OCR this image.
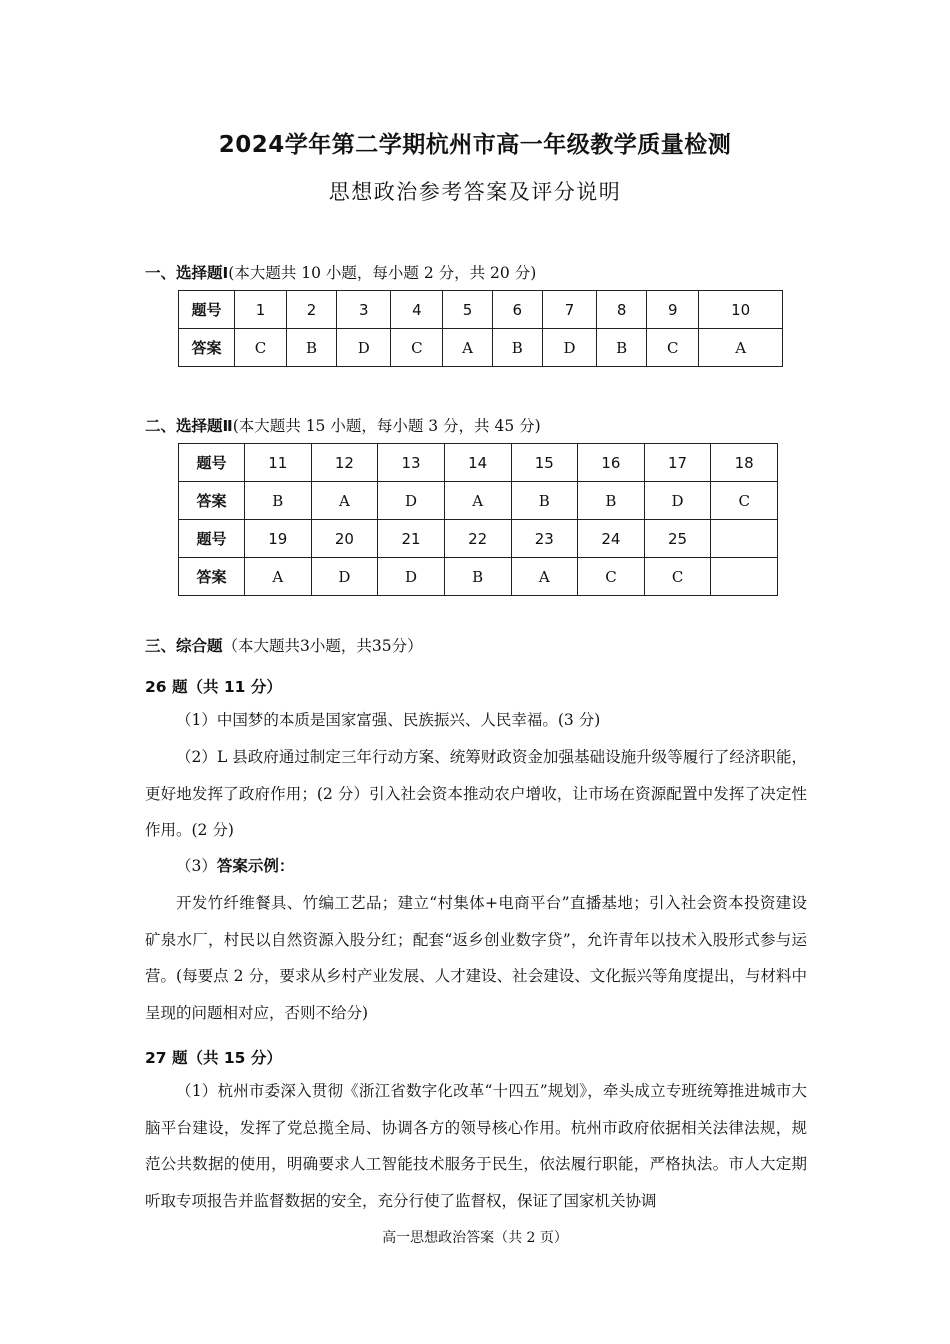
2024学年第二学期杭州市高一年级教学质量检测
思想政治参考答案及评分说明
一、选择题Ⅰ(本大题共 10 小题，每小题 2 分，共 20 分)
题号	1	2	3	4	5	6	7	8	9	10
答案	C	B	D	C	A	B	D	B	C	A
二、选择题Ⅱ(本大题共 15 小题，每小题 3 分，共 45 分)
题号	11	12	13	14	15	16	17	18
答案	B	A	D	A	B	B	D	C
题号	19	20	21	22	23	24	25	
答案	A	D	D	B	A	C	C	
三、综合题（本大题共3小题，共35分）
26 题（共 11 分）

（1）中国梦的本质是国家富强、民族振兴、人民幸福。(3 分)

（2）L 县政府通过制定三年行动方案、统筹财政资金加强基础设施升级等履行了经济职能，更好地发挥了政府作用；(2 分）引入社会资本推动农户增收，让市场在资源配置中发挥了决定性作用。(2 分)

（3）答案示例：

开发竹纤维餐具、竹编工艺品；建立“村集体+电商平台”直播基地；引入社会资本投资建设矿泉水厂，村民以自然资源入股分红；配套“返乡创业数字贷”，允许青年以技术入股形式参与运营。(每要点 2 分，要求从乡村产业发展、人才建设、社会建设、文化振兴等角度提出，与材料中呈现的问题相对应，否则不给分)

27 题（共 15 分）

（1）杭州市委深入贯彻《浙江省数字化改革“十四五”规划》，牵头成立专班统筹推进城市大脑平台建设，发挥了党总揽全局、协调各方的领导核心作用。杭州市政府依据相关法律法规，规范公共数据的使用，明确要求人工智能技术服务于民生，依法履行职能，严格执法。市人大定期听取专项报告并监督数据的安全，充分行使了监督权，保证了国家机关协调

高一思想政治答案（共 2 页）
